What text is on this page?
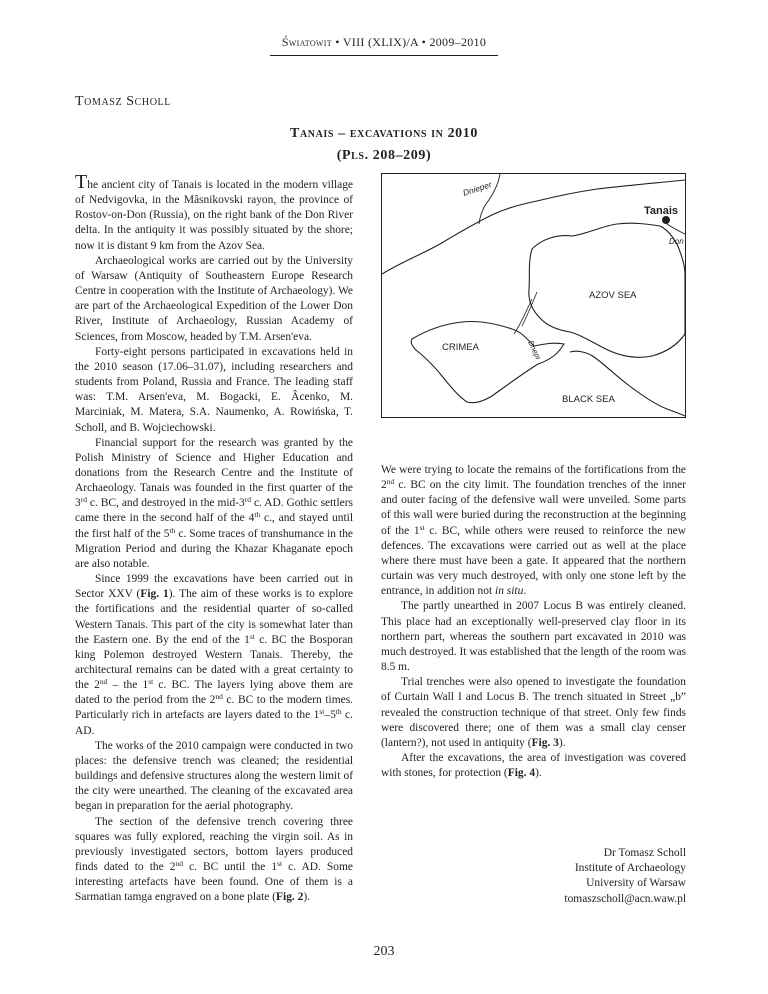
Światowit • VIII (XLIX)/A • 2009–2010
Tomasz Scholl
Tanais – excavations in 2010
(Pls. 208–209)

The ancient city of Tanais is located in the modern village of Nedvigovka, in the Mâsnikovski rayon, the province of Rostov-on-Don (Russia), on the right bank of the Don River delta. In the antiquity it was possibly situated by the shore; now it is distant 9 km from the Azov Sea.

Archaeological works are carried out by the University of Warsaw (Antiquity of Southeastern Europe Research Centre in cooperation with the Institute of Archaeology). We are part of the Archaeological Expedition of the Lower Don River, Institute of Archaeology, Russian Academy of Sciences, from Moscow, headed by T.M. Arsen'eva.

Forty-eight persons participated in excavations held in the 2010 season (17.06–31.07), including researchers and students from Poland, Russia and France. The leading staff was: T.M. Arsen'eva, M. Bogacki, E. Âcenko, M. Marciniak, M. Matera, S.A. Naumenko, A. Rowińska, T. Scholl, and B. Wojciechowski.

Financial support for the research was granted by the Polish Ministry of Science and Higher Education and donations from the Research Centre and the Institute of Archaeology. Tanais was founded in the first quarter of the 3rd c. BC, and destroyed in the mid-3rd c. AD. Gothic settlers came there in the second half of the 4th c., and stayed until the first half of the 5th c. Some traces of transhumance in the Migration Period and during the Khazar Khaganate epoch are also notable.

Since 1999 the excavations have been carried out in Sector XXV (Fig. 1). The aim of these works is to explore the fortifications and the residential quarter of so-called Western Tanais. This part of the city is somewhat later than the Eastern one. By the end of the 1st c. BC the Bosporan king Polemon destroyed Western Tanais. Thereby, the architectural remains can be dated with a great certainty to the 2nd – the 1st c. BC. The layers lying above them are dated to the period from the 2nd c. BC to the modern times. Particularly rich in artefacts are layers dated to the 1st–5th c. AD.

The works of the 2010 campaign were conducted in two places: the defensive trench was cleaned; the residential buildings and defensive structures along the western limit of the city were unearthed. The cleaning of the excavated area began in preparation for the aerial photography.

The section of the defensive trench covering three squares was fully explored, reaching the virgin soil. As in previously investigated sectors, bottom layers produced finds dated to the 2nd c. BC until the 1st c. AD. Some interesting artefacts have been found. One of them is a Sarmatian tamga engraved on a bone plate (Fig. 2).

Dnieper
Tanais
Don
AZOV SEA
Dnepr
CRIMEA
BLACK SEA

We were trying to locate the remains of the fortifications from the 2nd c. BC on the city limit. The foundation trenches of the inner and outer facing of the defensive wall were unveiled. Some parts of this wall were buried during the reconstruction at the beginning of the 1st c. BC, while others were reused to reinforce the new defences. The excavations were carried out as well at the place where there must have been a gate. It appeared that the northern curtain was very much destroyed, with only one stone left by the entrance, in addition not in situ.

The partly unearthed in 2007 Locus B was entirely cleaned. This place had an exceptionally well-preserved clay floor in its northern part, whereas the southern part excavated in 2010 was much destroyed. It was established that the length of the room was 8.5 m.

Trial trenches were also opened to investigate the foundation of Curtain Wall I and Locus B. The trench situated in Street „b” revealed the construction technique of that street. Only few finds were discovered there; one of them was a small clay censer (lantern?), not used in antiquity (Fig. 3).

After the excavations, the area of investigation was covered with stones, for protection (Fig. 4).

Dr Tomasz Scholl
Institute of Archaeology
University of Warsaw
tomaszscholl@acn.waw.pl
203
